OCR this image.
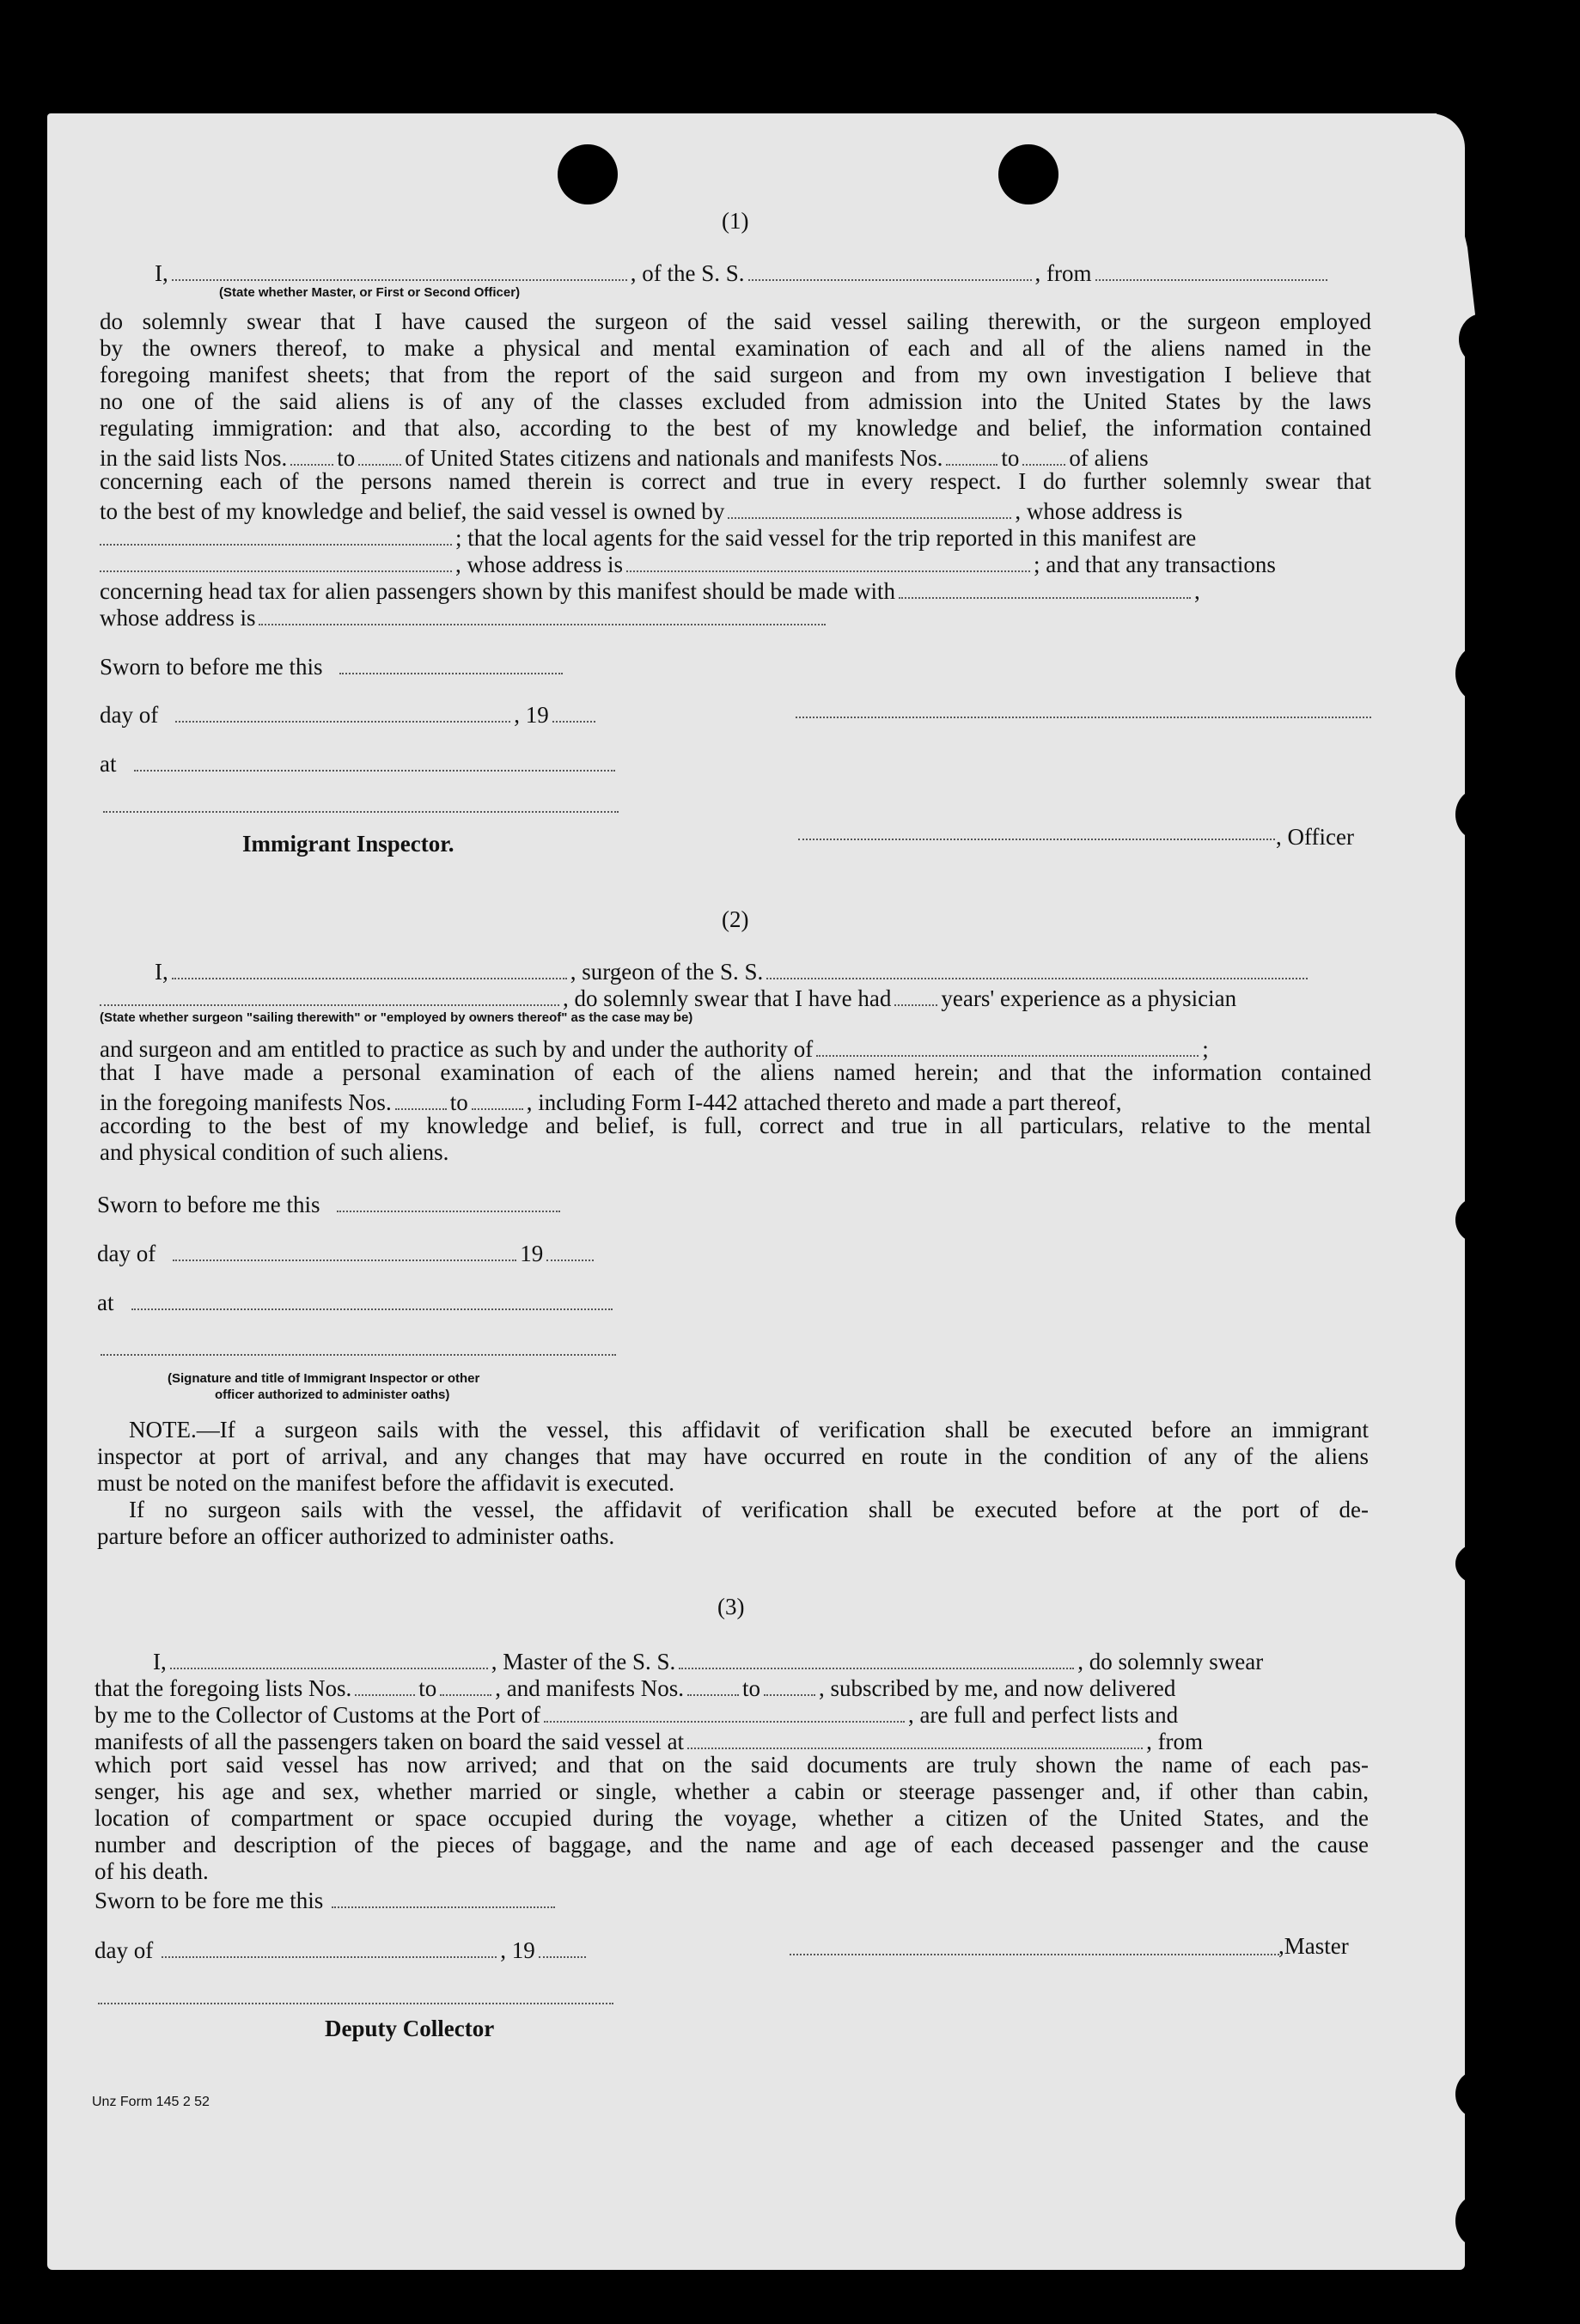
(1)
I,	, of the S. S.	, from
(State whether Master, or First or Second Officer)
do solemnly swear that I have caused the surgeon of the said vessel sailing therewith, or the surgeon employed
by the owners thereof, to make a physical and mental examination of each and all of the aliens named in the
foregoing manifest sheets; that from the report of the said surgeon and from my own investigation I believe that
no one of the said aliens is of any of the classes excluded from admission into the United States by the laws
regulating immigration: and that also, according to the best of my knowledge and belief, the information contained
in the said lists Nos. to of United States citizens and nationals and manifests Nos.	to of aliens
concerning each of the persons named therein is correct and true in every respect. I do further solemnly swear that
to the best of my knowledge and belief, the said vessel is owned by	, whose address is
; that the local agents for the said vessel for the trip reported in this manifest are
, whose address is	; and that any transactions
concerning head tax for alien passengers shown by this manifest should be made with	,
whose address is
Sworn to before me this
day of	, 19
at
Immigrant Inspector.	, Officer
(2)
I,	, surgeon of the S. S.
, do solemnly swear that I have had years' experience as a physician
(State whether surgeon "sailing therewith" or "employed by owners thereof" as the case may be)
and surgeon and am entitled to practice as such by and under the authority of	;
that I have made a personal examination of each of the aliens named herein; and that the information contained
in the foregoing manifests Nos.	to	, including Form I-442 attached thereto and made a part thereof,
according to the best of my knowledge and belief, is full, correct and true in all particulars, relative to the mental
and physical condition of such aliens.
Sworn to before me this
day of	19
at
(Signature and title of Immigrant Inspector or other
officer authorized to administer oaths)
NOTE.—If a surgeon sails with the vessel, this affidavit of verification shall be executed before an immigrant
inspector at port of arrival, and any changes that may have occurred en route in the condition of any of the aliens
must be noted on the manifest before the affidavit is executed.
If no surgeon sails with the vessel, the affidavit of verification shall be executed before at the port of de-
parture before an officer authorized to administer oaths.
(3)
I,	, Master of the S. S.	, do solemnly swear
that the foregoing lists Nos.	to	, and manifests Nos.	to	, subscribed by me, and now delivered
by me to the Collector of Customs at the Port of	, are full and perfect lists and
manifests of all the passengers taken on board the said vessel at	, from
which port said vessel has now arrived; and that on the said documents are truly shown the name of each pas-
senger, his age and sex, whether married or single, whether a cabin or steerage passenger and, if other than cabin,
location of compartment or space occupied during the voyage, whether a citizen of the United States, and the
number and description of the pieces of baggage, and the name and age of each deceased passenger and the cause
of his death.
Sworn to be fore me this
day of	, 19	,Master
Deputy Collector
Unz Form 145 2 52
